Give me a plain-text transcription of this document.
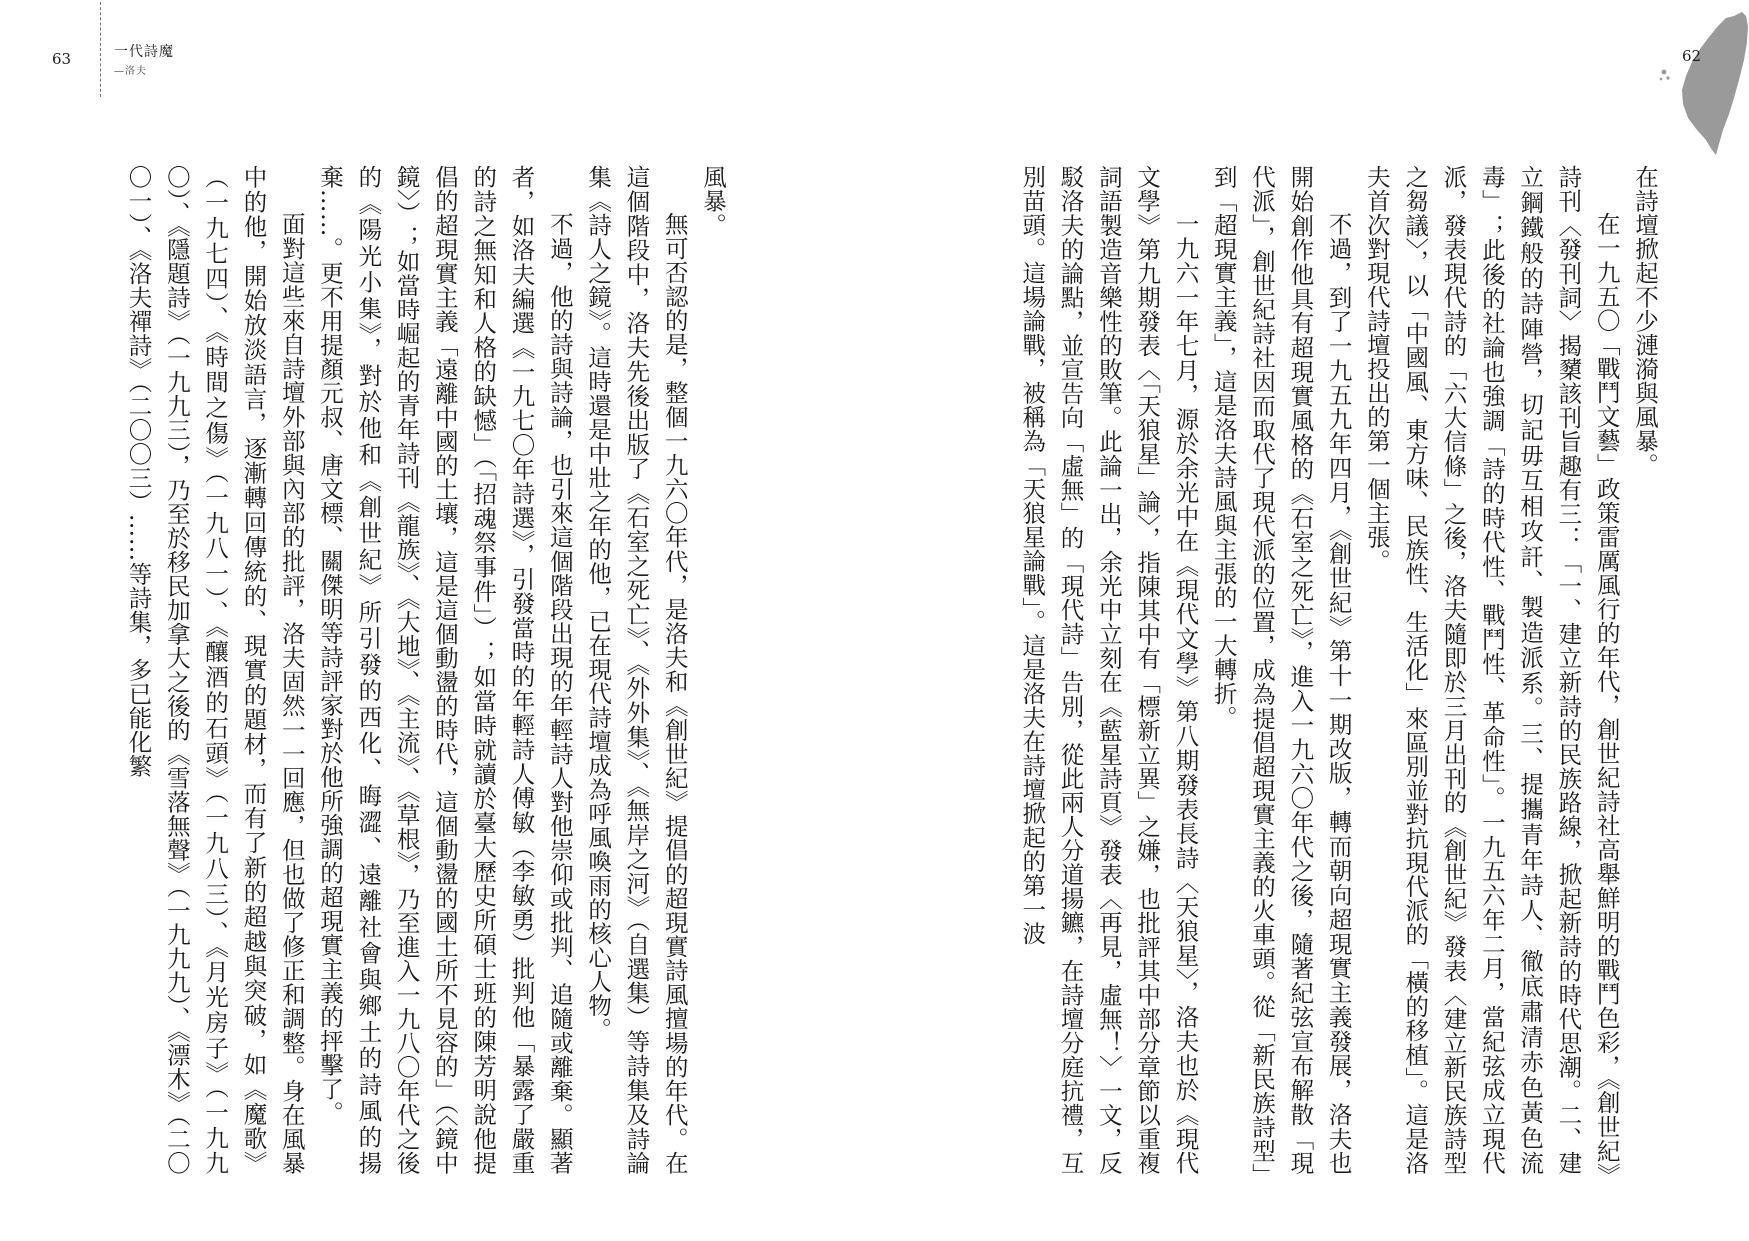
63	一代詩魔
—洛夫
62

在詩壇掀起不少漣漪與風暴。

在一九五〇「戰鬥文藝」政策雷厲風行的年代，創世紀詩社高舉鮮明的戰鬥色彩，《創世紀》詩刊〈發刊詞〉揭櫫該刊旨趣有三：「一、建立新詩的民族路線，掀起新詩的時代思潮。二、建立鋼鐵般的詩陣營，切記毋互相攻訐、製造派系。三、提攜青年詩人、徹底肅清赤色黃色流毒」；此後的社論也強調「詩的時代性、戰鬥性、革命性」。一九五六年二月，當紀弦成立現代派，發表現代詩的「六大信條」之後，洛夫隨即於三月出刊的《創世紀》發表〈建立新民族詩型之芻議〉，以「中國風、東方味、民族性、生活化」來區別並對抗現代派的「橫的移植」。這是洛夫首次對現代詩壇投出的第一個主張。

不過，到了一九五九年四月，《創世紀》第十一期改版，轉而朝向超現實主義發展，洛夫也開始創作他具有超現實風格的《石室之死亡》，進入一九六〇年代之後，隨著紀弦宣布解散「現代派」，創世紀詩社因而取代了現代派的位置，成為提倡超現實主義的火車頭。從「新民族詩型」到「超現實主義」，這是洛夫詩風與主張的一大轉折。

一九六一年七月，源於余光中在《現代文學》第八期發表長詩〈天狼星〉，洛夫也於《現代文學》第九期發表〈「天狼星」論〉，指陳其中有「標新立異」之嫌，也批評其中部分章節以重複詞語製造音樂性的敗筆。此論一出，余光中立刻在《藍星詩頁》發表〈再見，虛無！〉一文，反駁洛夫的論點，並宣告向「虛無」的「現代詩」告別，從此兩人分道揚鑣，在詩壇分庭抗禮，互別苗頭。這場論戰，被稱為「天狼星論戰」。這是洛夫在詩壇掀起的第一波

風暴。

無可否認的是，整個一九六〇年代，是洛夫和《創世紀》提倡的超現實詩風擅場的年代。在這個階段中，洛夫先後出版了《石室之死亡》、《外外集》、《無岸之河》（自選集）等詩集及詩論集《詩人之鏡》。這時還是中壯之年的他，已在現代詩壇成為呼風喚雨的核心人物。

不過，他的詩與詩論，也引來這個階段出現的年輕詩人對他崇仰或批判、追隨或離棄。顯著者，如洛夫編選《一九七〇年詩選》，引發當時的年輕詩人傅敏（李敏勇）批判他「暴露了嚴重的詩之無知和人格的缺憾」（「招魂祭事件」）；如當時就讀於臺大歷史所碩士班的陳芳明說他提倡的超現實主義「遠離中國的土壤，這是這個動盪的時代，這個動盪的國土所不見容的」（〈鏡中鏡〉）；如當時崛起的青年詩刊《龍族》、《大地》、《主流》、《草根》，乃至進入一九八〇年代之後的《陽光小集》，對於他和《創世紀》所引發的西化、晦澀、遠離社會與鄉土的詩風的揚棄……。更不用提顏元叔、唐文標、關傑明等詩評家對於他所強調的超現實主義的抨擊了。

面對這些來自詩壇外部與內部的批評，洛夫固然一一回應，但也做了修正和調整。身在風暴中的他，開始放淡語言，逐漸轉回傳統的、現實的題材，而有了新的超越與突破，如《魔歌》（一九七四）、《時間之傷》（一九八一）、《釀酒的石頭》（一九八三）、《月光房子》（一九九〇）、《隱題詩》（一九九三），乃至於移民加拿大之後的《雪落無聲》（一九九九）、《漂木》（二〇〇一）、《洛夫禪詩》（二〇〇三）……等詩集，多已能化繁
